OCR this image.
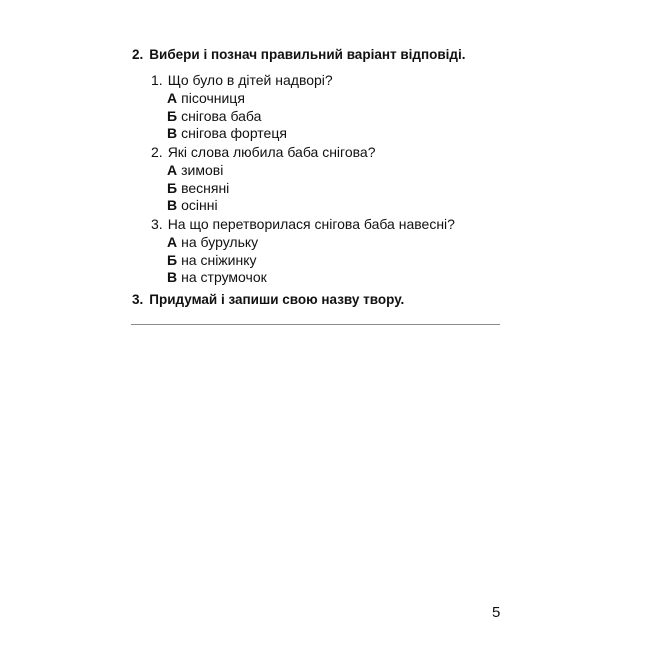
2. Вибери і познач правильний варіант відповіді.
1. Що було в дітей надворі?
А пісочниця
Б снігова баба
В снігова фортеця
2. Які слова любила баба снігова?
А зимові
Б весняні
В осінні
3. На що перетворилася снігова баба навесні?
А на бурульку
Б на сніжинку
В на струмочок
3. Придумай і запиши свою назву твору.
5
